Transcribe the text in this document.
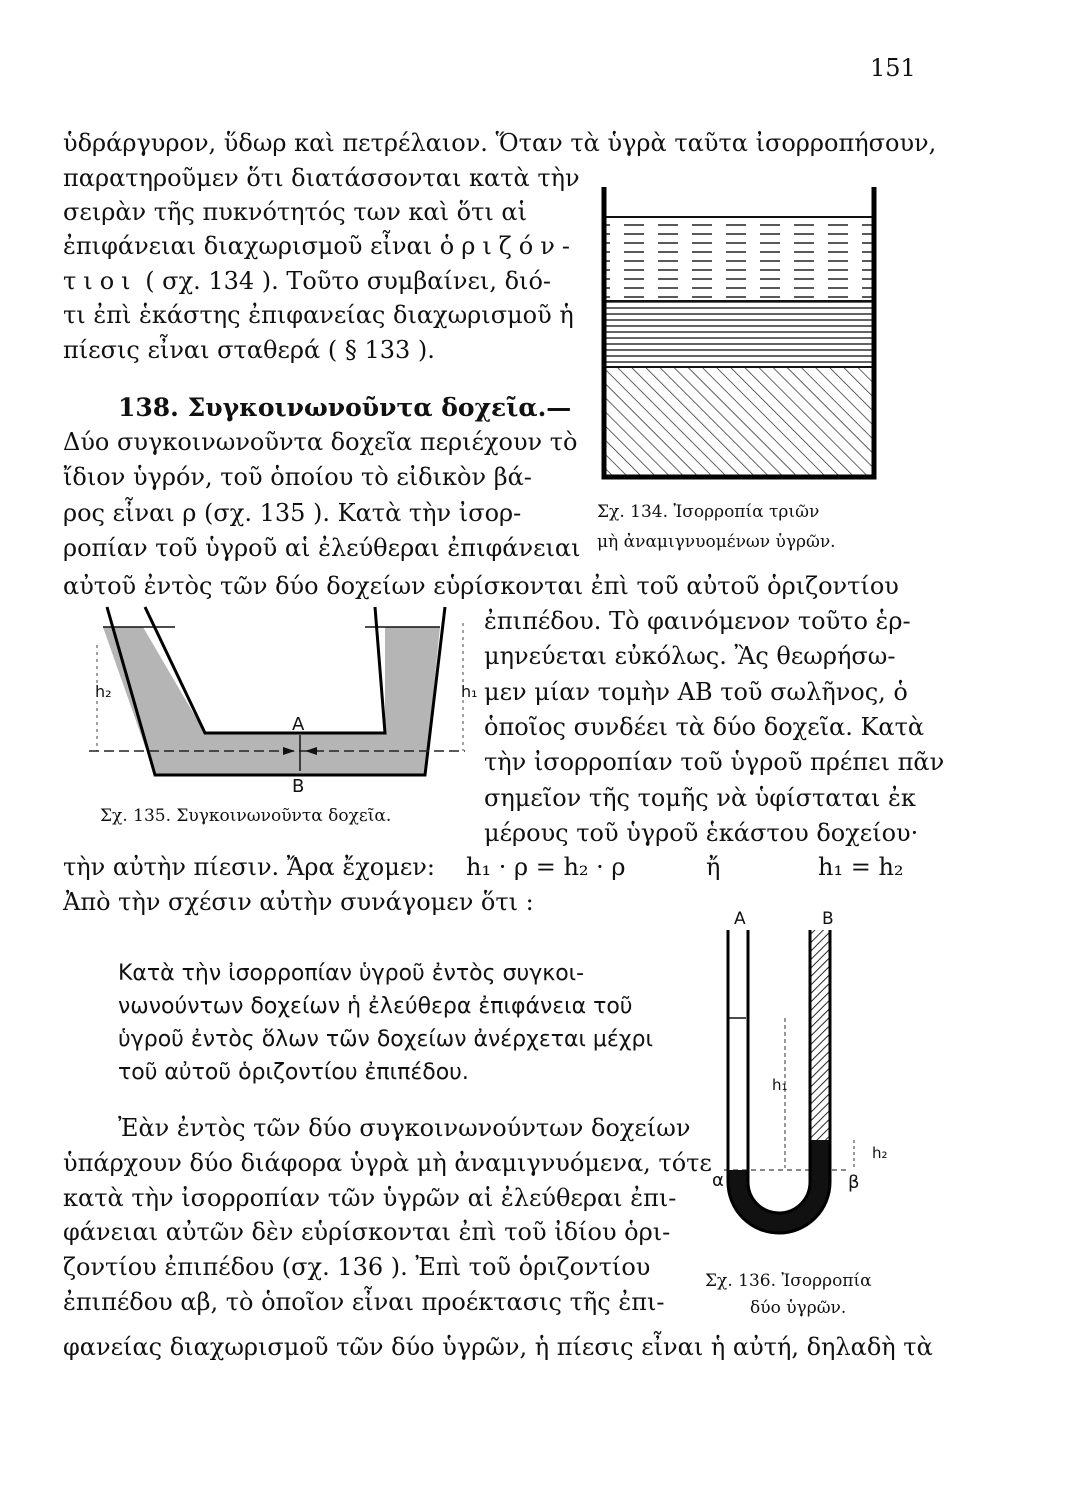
151
ὑδράργυρον, ὕδωρ καὶ πετρέλαιον. Ὅταν τὰ ὑγρὰ ταῦτα ἰσορροπήσουν,
παρατηροῦμεν ὅτι διατάσσονται κατὰ τὴν
σειρὰν τῆς πυκνότητός των καὶ ὅτι αἱ
ἐπιφάνειαι διαχωρισμοῦ εἶναι ὁριζόν-
τιοι ( σχ. 134 ). Τοῦτο συμβαίνει, διό-
τι ἐπὶ ἑκάστης ἐπιφανείας διαχωρισμοῦ ἡ
πίεσις εἶναι σταθερά ( § 133 ).
138. Συγκοινωνοῦντα δοχεῖα.—
Δύο συγκοινωνοῦντα δοχεῖα περιέχουν τὸ
ἴδιον ὑγρόν, τοῦ ὁποίου τὸ εἰδικὸν βά-
ρος εἶναι ρ (σχ. 135 ). Κατὰ τὴν ἰσορ-
ροπίαν τοῦ ὑγροῦ αἱ ἐλεύθεραι ἐπιφάνειαι
αὐτοῦ ἐντὸς τῶν δύο δοχείων εὑρίσκονται ἐπὶ τοῦ αὐτοῦ ὁριζοντίου
ἐπιπέδου. Τὸ φαινόμενον τοῦτο ἑρ-
μηνεύεται εὐκόλως. Ἂς θεωρήσω-
μεν μίαν τομὴν ΑΒ τοῦ σωλῆνος, ὁ
ὁποῖος συνδέει τὰ δύο δοχεῖα. Κατὰ
τὴν ἰσορροπίαν τοῦ ὑγροῦ πρέπει πᾶν
σημεῖον τῆς τομῆς νὰ ὑφίσταται ἐκ
μέρους τοῦ ὑγροῦ ἑκάστου δοχείου·
τὴν αὐτὴν πίεσιν. Ἄρα ἔχομεν: h₁ · ρ = h₂ · ρ	ἤ	h₁ = h₂
Ἀπὸ τὴν σχέσιν αὐτὴν συνάγομεν ὅτι :
Κατὰ τὴν ἰσορροπίαν ὑγροῦ ἐντὸς συγκοι-
νωνούντων δοχείων ἡ ἐλεύθερα ἐπιφάνεια τοῦ
ὑγροῦ ἐντὸς ὅλων τῶν δοχείων ἀνέρχεται μέχρι
τοῦ αὐτοῦ ὁριζοντίου ἐπιπέδου.
Ἐὰν ἐντὸς τῶν δύο συγκοινωνούντων δοχείων
ὑπάρχουν δύο διάφορα ὑγρὰ μὴ ἀναμιγνυόμενα, τότε
κατὰ τὴν ἰσορροπίαν τῶν ὑγρῶν αἱ ἐλεύθεραι ἐπι-
φάνειαι αὐτῶν δὲν εὑρίσκονται ἐπὶ τοῦ ἰδίου ὁρι-
ζοντίου ἐπιπέδου (σχ. 136 ). Ἐπὶ τοῦ ὁριζοντίου
ἐπιπέδου αβ, τὸ ὁποῖον εἶναι προέκτασις τῆς ἐπι-
φανείας διαχωρισμοῦ τῶν δύο ὑγρῶν, ἡ πίεσις εἶναι ἡ αὐτή, δηλαδὴ τὰ
Σχ. 134. Ἰσορροπία τριῶν
μὴ ἀναμιγνυομένων ὑγρῶν.
h₂	h₁
A
B
Σχ. 135. Συγκοινωνοῦντα δοχεῖα.
A	B
h₁
h₂
α	β
Σχ. 136. Ἰσορροπία
δύο ὑγρῶν.
